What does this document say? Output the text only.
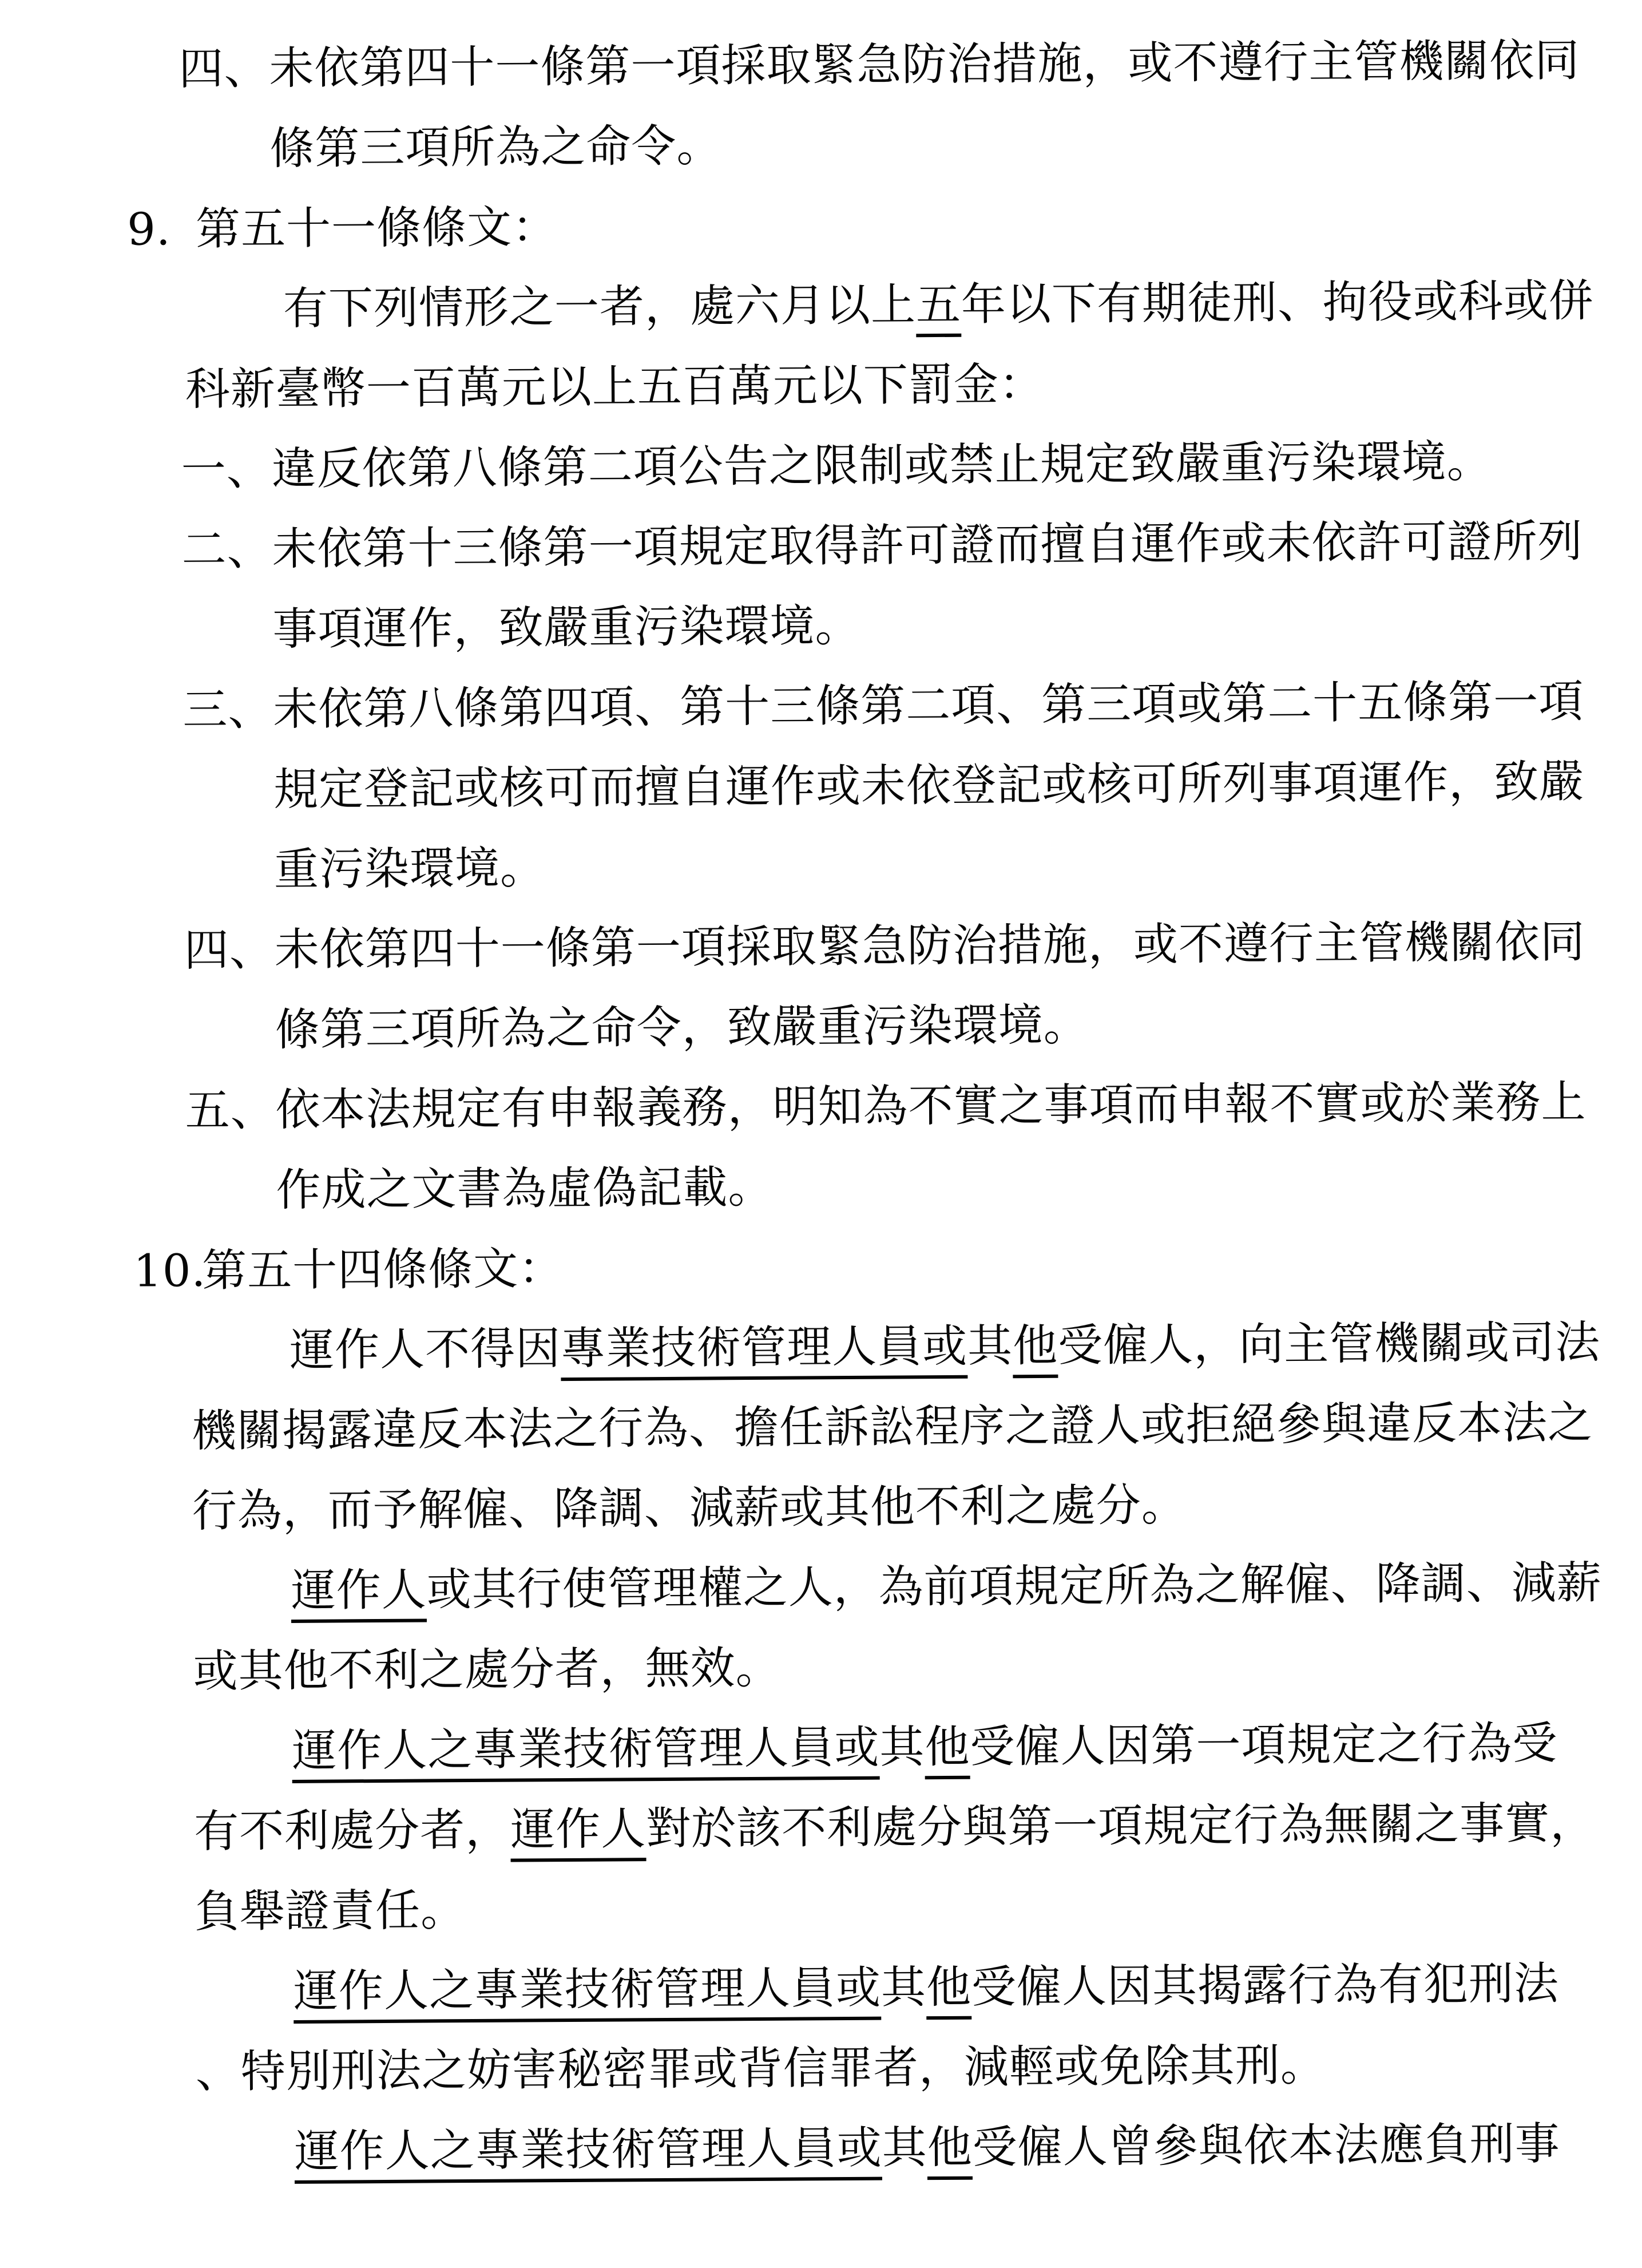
四、 未依第四十一條第一項採取緊急防治措施，或不遵行主管機關依同
條第三項所為之命令。
9. 第五十一條條文：
有下列情形之一者，處六月以上五年以下有期徒刑、拘役或科或併
科新臺幣一百萬元以上五百萬元以下罰金：
一、 違反依第八條第二項公告之限制或禁止規定致嚴重污染環境。
二、 未依第十三條第一項規定取得許可證而擅自運作或未依許可證所列
事項運作，致嚴重污染環境。
三、 未依第八條第四項、第十三條第二項、第三項或第二十五條第一項
規定登記或核可而擅自運作或未依登記或核可所列事項運作，致嚴
重污染環境。
四、 未依第四十一條第一項採取緊急防治措施，或不遵行主管機關依同
條第三項所為之命令，致嚴重污染環境。
五、 依本法規定有申報義務，明知為不實之事項而申報不實或於業務上
作成之文書為虛偽記載。
10.
第五十四條條文：
運作人不得因專業技術管理人員或其他受僱人，向主管機關或司法
機關揭露違反本法之行為、擔任訴訟程序之證人或拒絕參與違反本法之
行為，而予解僱、降調、減薪或其他不利之處分。
運作人或其行使管理權之人，為前項規定所為之解僱、降調、減薪
或其他不利之處分者，無效。
運作人之專業技術管理人員或其他受僱人因第一項規定之行為受
有不利處分者，運作人對於該不利處分與第一項規定行為無關之事實，
負舉證責任。
運作人之專業技術管理人員或其他受僱人因其揭露行為有犯刑法
、特別刑法之妨害秘密罪或背信罪者，減輕或免除其刑。
運作人之專業技術管理人員或其他受僱人曾參與依本法應負刑事
